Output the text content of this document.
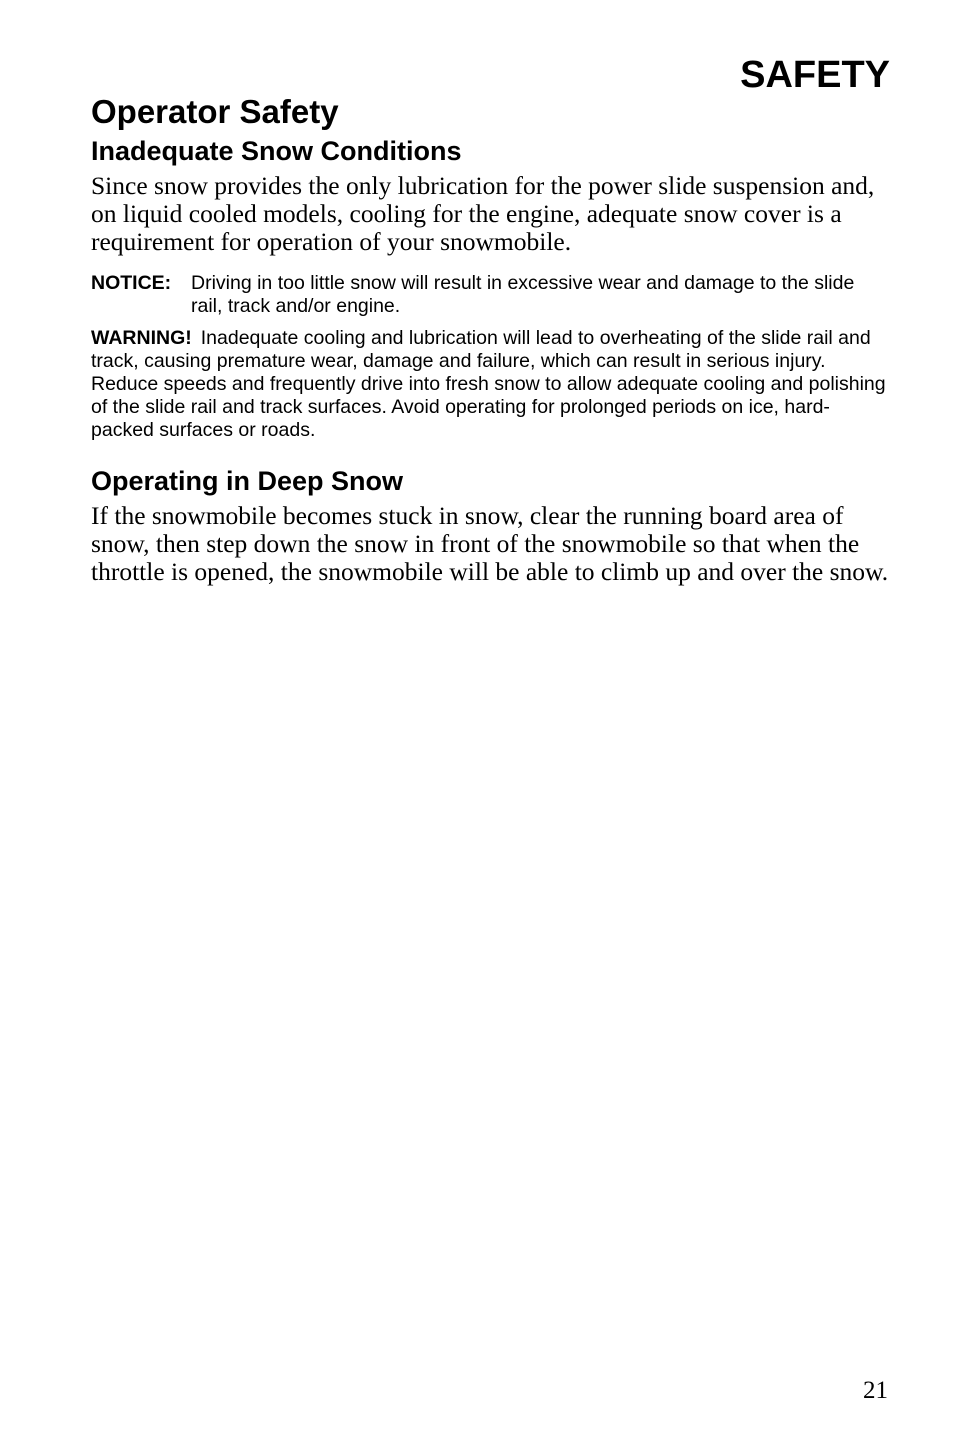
SAFETY
Operator Safety
Inadequate Snow Conditions

Since snow provides the only lubrication for the power slide suspension and, on liquid cooled models, cooling for the engine, adequate snow cover is a requirement for operation of your snowmobile.

NOTICE:	Driving in too little snow will result in excessive wear and damage to the slide rail, track and/or engine.
WARNING! Inadequate cooling and lubrication will lead to overheating of the slide rail and track, causing premature wear, damage and failure, which can result in serious injury. Reduce speeds and frequently drive into fresh snow to allow adequate cooling and polishing of the slide rail and track surfaces. Avoid operating for prolonged periods on ice, hard-packed surfaces or roads.
Operating in Deep Snow

If the snowmobile becomes stuck in snow, clear the running board area of snow, then step down the snow in front of the snowmobile so that when the throttle is opened, the snowmobile will be able to climb up and over the snow.

21
